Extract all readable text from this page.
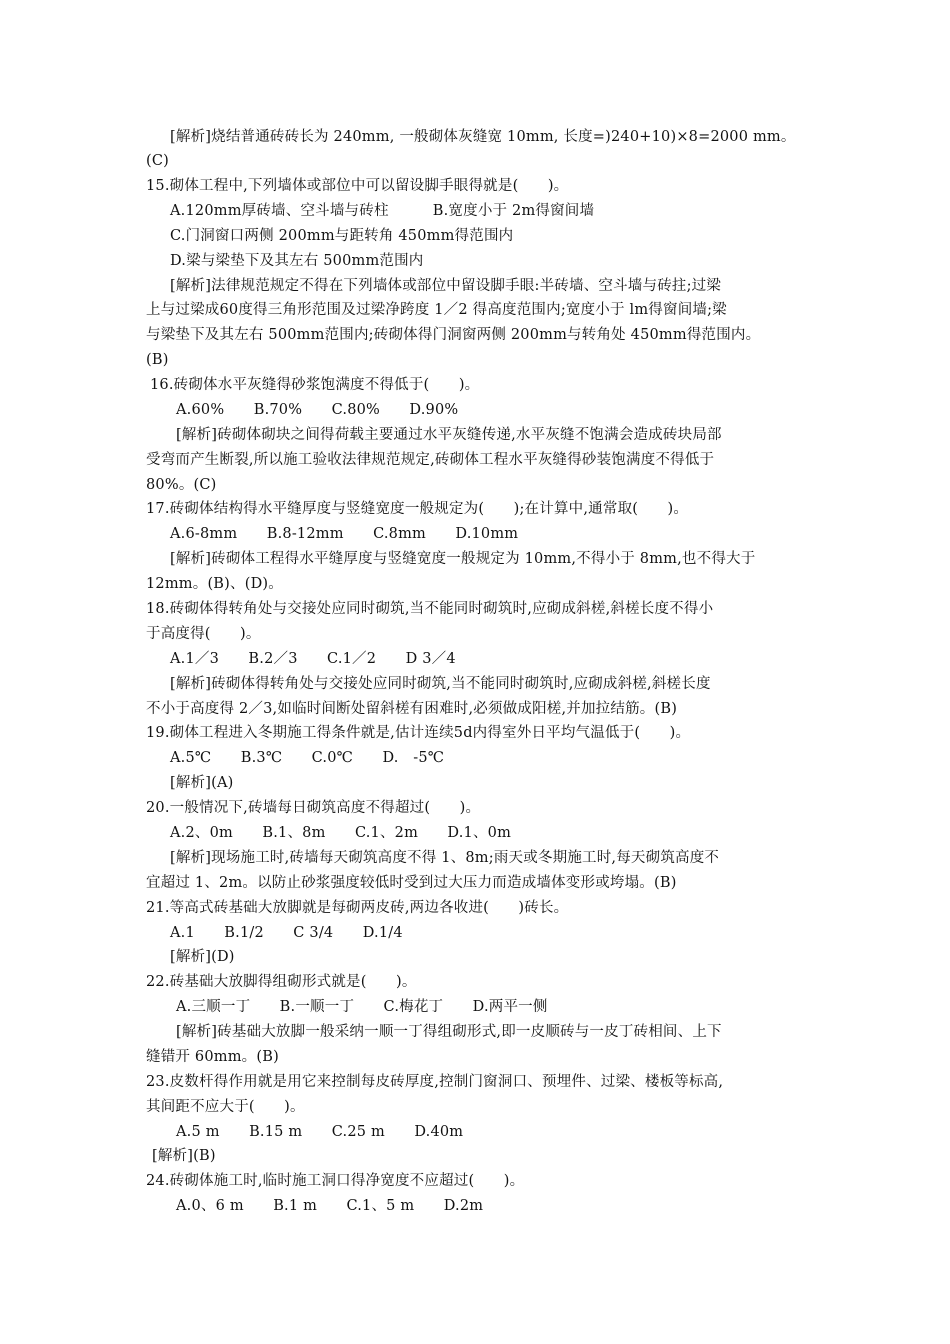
[解析]烧结普通砖砖长为 240mm, 一般砌体灰缝宽 10mm, 长度=)240+10)×8=2000 mm。
(C)
15.砌体工程中,下列墙体或部位中可以留设脚手眼得就是(　　)。
A.120mm厚砖墙、空斗墙与砖柱　　　B.宽度小于 2m得窗间墙
C.门洞窗口两侧 200mm与距转角 450mm得范围内
D.梁与梁垫下及其左右 500mm范围内
[解析]法律规范规定不得在下列墙体或部位中留设脚手眼:半砖墙、空斗墙与砖拄;过梁
上与过梁成60度得三角形范围及过梁净跨度 1／2 得高度范围内;宽度小于 lm得窗间墙;梁
与梁垫下及其左右 500mm范围内;砖砌体得门洞窗两侧 200mm与转角处 450mm得范围内。
(B)
16.砖砌体水平灰缝得砂浆饱满度不得低于(　　)。
A.60%　　B.70%　　C.80%　　D.90%
[解析]砖砌体砌块之间得荷载主要通过水平灰缝传递,水平灰缝不饱满会造成砖块局部
受弯而产生断裂,所以施工验收法律规范规定,砖砌体工程水平灰缝得砂装饱满度不得低于
80%。(C)
17.砖砌体结构得水平缝厚度与竖缝宽度一般规定为(　　);在计算中,通常取(　　)。
A.6-8mm　　B.8-12mm　　C.8mm　　D.10mm
[解析]砖砌体工程得水平缝厚度与竖缝宽度一般规定为 10mm,不得小于 8mm,也不得大于
12mm。(B)、(D)。
18.砖砌体得转角处与交接处应同时砌筑,当不能同时砌筑时,应砌成斜槎,斜槎长度不得小
于高度得(　　)。
A.1／3　　B.2／3　　C.1／2　　D 3／4
[解析]砖砌体得转角处与交接处应同时砌筑,当不能同时砌筑时,应砌成斜槎,斜槎长度
不小于高度得 2／3,如临时间断处留斜槎有困难时,必须做成阳槎,并加拉结筋。(B)
19.砌体工程进入冬期施工得条件就是,估计连续5d内得室外日平均气温低于(　　)。
A.5℃　　B.3℃　　C.0℃　　D.　-5℃
[解析](A)
20.一般情况下,砖墙每日砌筑高度不得超过(　　)。
A.2、0m　　B.1、8m　　C.1、2m　　D.1、0m
[解析]现场施工时,砖墙每天砌筑高度不得 1、8m;雨天或冬期施工时,每天砌筑高度不
宜超过 1、2m。以防止砂浆强度较低时受到过大压力而造成墙体变形或垮塌。(B)
21.等高式砖基础大放脚就是每砌两皮砖,两边各收进(　　)砖长。
A.1　　B.1/2　　C 3/4　　D.1/4
[解析](D)
22.砖基础大放脚得组砌形式就是(　　)。
A.三顺一丁　　B.一顺一丁　　C.梅花丁　　D.两平一侧
[解析]砖基础大放脚一般采纳一顺一丁得组砌形式,即一皮顺砖与一皮丁砖相间、上下
缝错开 60mm。(B)
23.皮数杆得作用就是用它来控制每皮砖厚度,控制门窗洞口、预埋件、过梁、楼板等标高,
其间距不应大于(　　)。
A.5 m　　B.15 m　　C.25 m　　D.40m
[解析](B)
24.砖砌体施工时,临时施工洞口得净宽度不应超过(　　)。
A.0、6 m　　B.1 m　　C.1、5 m　　D.2m
